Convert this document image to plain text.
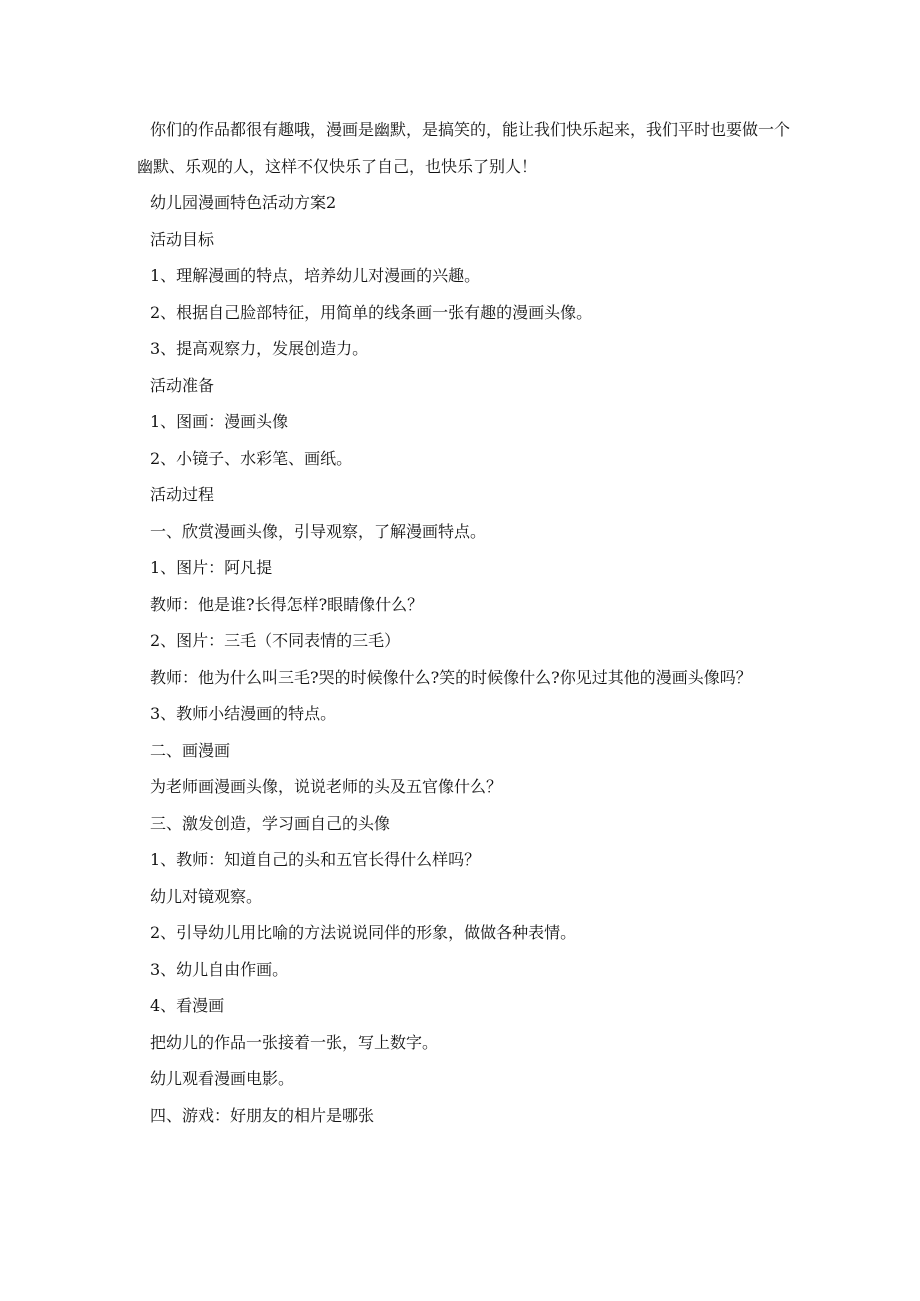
你们的作品都很有趣哦，漫画是幽默，是搞笑的，能让我们快乐起来，我们平时也要做一个幽默、乐观的人，这样不仅快乐了自己，也快乐了别人！

幼儿园漫画特色活动方案2

活动目标

1、理解漫画的特点，培养幼儿对漫画的兴趣。

2、根据自己脸部特征，用简单的线条画一张有趣的漫画头像。

3、提高观察力，发展创造力。

活动准备

1、图画：漫画头像

2、小镜子、水彩笔、画纸。

活动过程

一、欣赏漫画头像，引导观察，了解漫画特点。

1、图片：阿凡提

教师：他是谁?长得怎样?眼睛像什么？

2、图片：三毛（不同表情的三毛）

教师：他为什么叫三毛?哭的时候像什么?笑的时候像什么?你见过其他的漫画头像吗？

3、教师小结漫画的特点。

二、画漫画

为老师画漫画头像，说说老师的头及五官像什么？

三、激发创造，学习画自己的头像

1、教师：知道自己的头和五官长得什么样吗？

幼儿对镜观察。

2、引导幼儿用比喻的方法说说同伴的形象，做做各种表情。

3、幼儿自由作画。

4、看漫画

把幼儿的作品一张接着一张，写上数字。

幼儿观看漫画电影。

四、游戏：好朋友的相片是哪张
